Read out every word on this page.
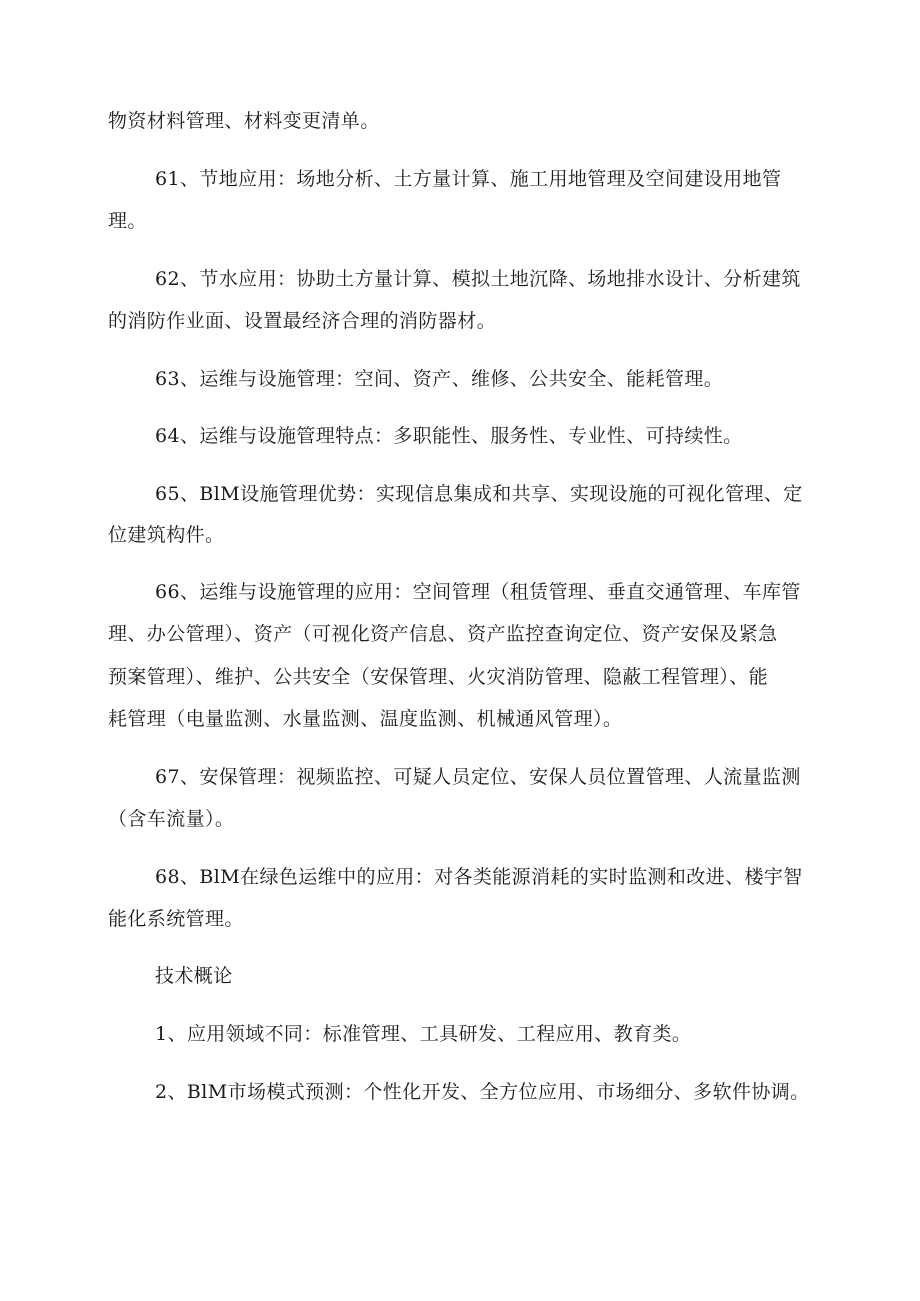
物资材料管理、材料变更清单。

61、节地应用：场地分析、土方量计算、施工用地管理及空间建设用地管

理。

62、节水应用：协助土方量计算、模拟土地沉降、场地排水设计、分析建筑

的消防作业面、设置最经济合理的消防器材。

63、运维与设施管理：空间、资产、维修、公共安全、能耗管理。

64、运维与设施管理特点：多职能性、服务性、专业性、可持续性。

65、BlM设施管理优势：实现信息集成和共享、实现设施的可视化管理、定

位建筑构件。

66、运维与设施管理的应用：空间管理（租赁管理、垂直交通管理、车库管

理、办公管理）、资产（可视化资产信息、资产监控查询定位、资产安保及紧急

预案管理）、维护、公共安全（安保管理、火灾消防管理、隐蔽工程管理）、能

耗管理（电量监测、水量监测、温度监测、机械通风管理）。

67、安保管理：视频监控、可疑人员定位、安保人员位置管理、人流量监测

（含车流量）。

68、BlM在绿色运维中的应用：对各类能源消耗的实时监测和改进、楼宇智

能化系统管理。

技术概论

1、应用领域不同：标准管理、工具研发、工程应用、教育类。

2、BlM市场模式预测：个性化开发、全方位应用、市场细分、多软件协调。
